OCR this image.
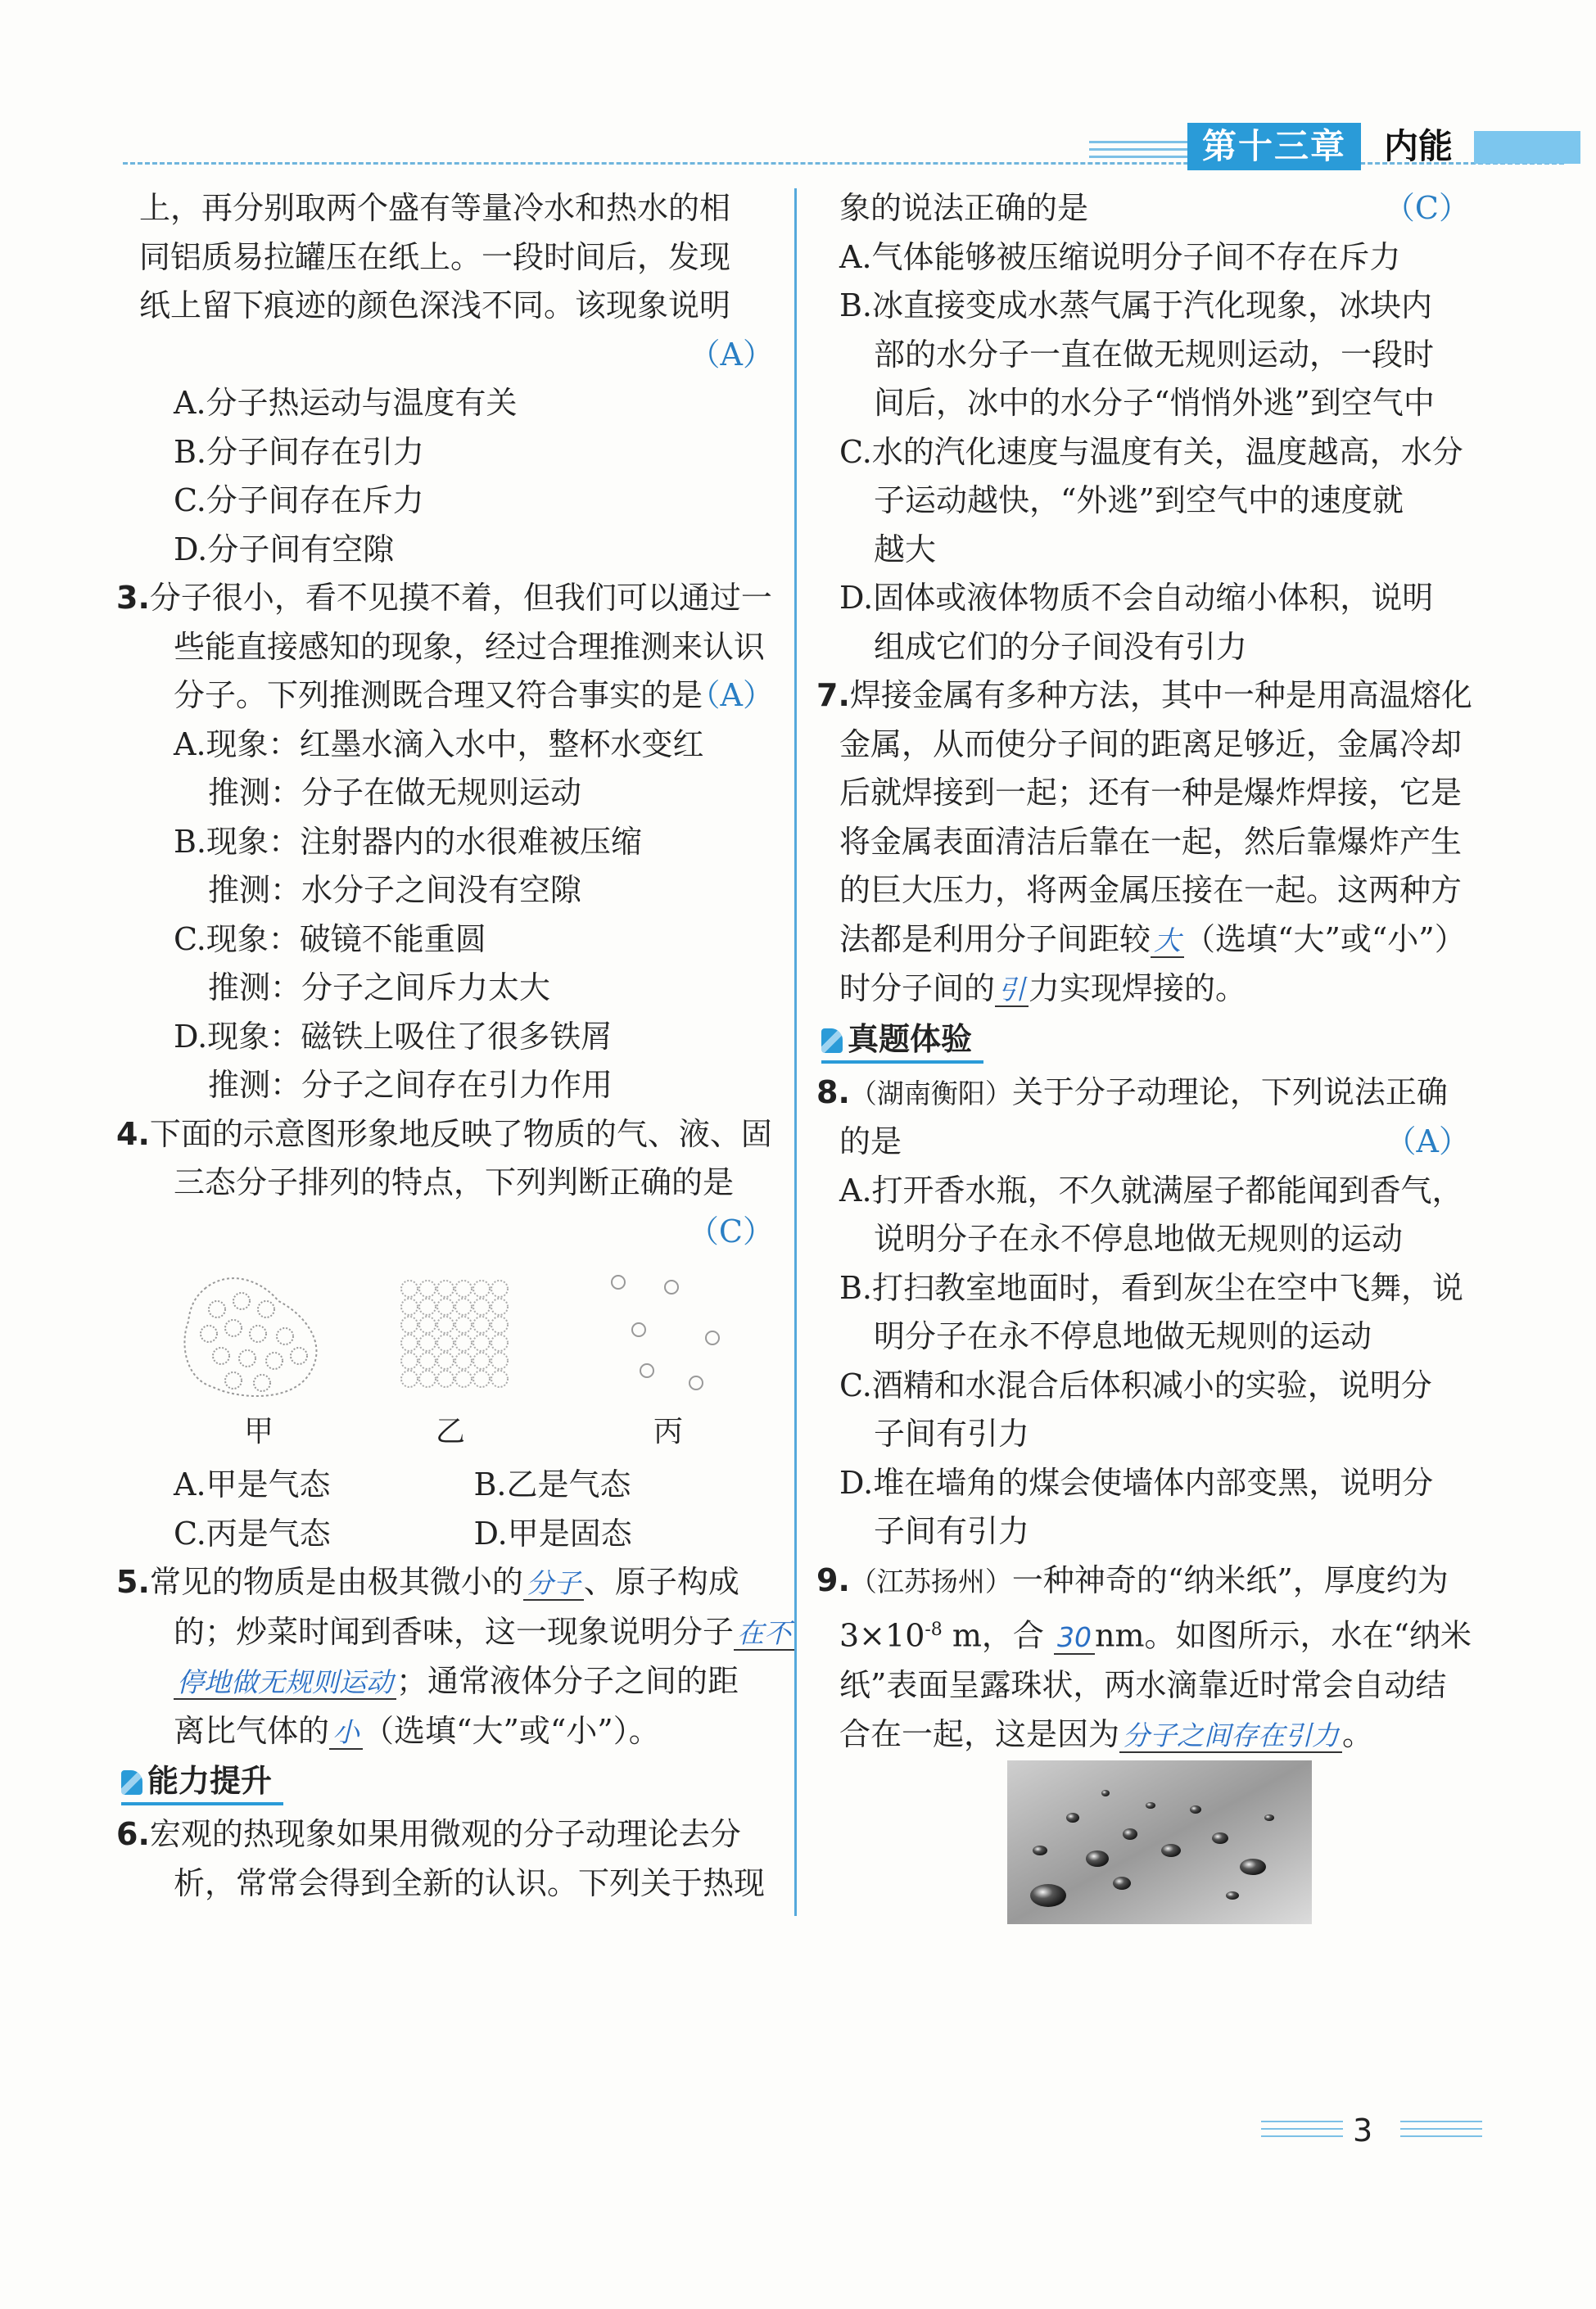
第十三章	内能
上，再分别取两个盛有等量冷水和热水的相
同铝质易拉罐压在纸上。一段时间后，发现
纸上留下痕迹的颜色深浅不同。该现象说明
（A）
A.分子热运动与温度有关
B.分子间存在引力
C.分子间存在斥力
D.分子间有空隙
3.分子很小，看不见摸不着，但我们可以通过一
些能直接感知的现象，经过合理推测来认识
分子。下列推测既合理又符合事实的是
（A）
A.现象：红墨水滴入水中，整杯水变红
推测：分子在做无规则运动
B.现象：注射器内的水很难被压缩
推测：水分子之间没有空隙
C.现象：破镜不能重圆
推测：分子之间斥力太大
D.现象：磁铁上吸住了很多铁屑
推测：分子之间存在引力作用
4.下面的示意图形象地反映了物质的气、液、固
三态分子排列的特点，下列判断正确的是
（C）
甲	乙	丙
A.甲是气态	B.乙是气态
C.丙是气态	D.甲是固态
5.常见的物质是由极其微小的 分子 、原子构成
的；炒菜时闻到香味，这一现象说明分子 在不
停地做无规则运动 ；通常液体分子之间的距
离比气体的 小 （选填“大”或“小”）。
能力提升
6.宏观的热现象如果用微观的分子动理论去分
析，常常会得到全新的认识。下列关于热现
象的说法正确的是	（C）
A.气体能够被压缩说明分子间不存在斥力
B.冰直接变成水蒸气属于汽化现象，冰块内
部的水分子一直在做无规则运动，一段时
间后，冰中的水分子“悄悄外逃”到空气中
C.水的汽化速度与温度有关，温度越高，水分
子运动越快，“外逃”到空气中的速度就
越大
D.固体或液体物质不会自动缩小体积，说明
组成它们的分子间没有引力
7.焊接金属有多种方法，其中一种是用高温熔化
金属，从而使分子间的距离足够近，金属冷却
后就焊接到一起；还有一种是爆炸焊接，它是
将金属表面清洁后靠在一起，然后靠爆炸产生
的巨大压力，将两金属压接在一起。这两种方
法都是利用分子间距较 大 （选填“大”或“小”）
时分子间的 引 力实现焊接的。
真题体验
8.（湖南衡阳）关于分子动理论，下列说法正确
的是	（A）
A.打开香水瓶，不久就满屋子都能闻到香气，
说明分子在永不停息地做无规则的运动
B.打扫教室地面时，看到灰尘在空中飞舞，说
明分子在永不停息地做无规则的运动
C.酒精和水混合后体积减小的实验，说明分
子间有引力
D.堆在墙角的煤会使墙体内部变黑，说明分
子间有引力
9.（江苏扬州）一种神奇的“纳米纸”，厚度约为
$3\times 10^{-8}$ m，合 30 nm。如图所示，水在“纳米
纸”表面呈露珠状，两水滴靠近时常会自动结
合在一起，这是因为 分子之间存在引力 。
3
